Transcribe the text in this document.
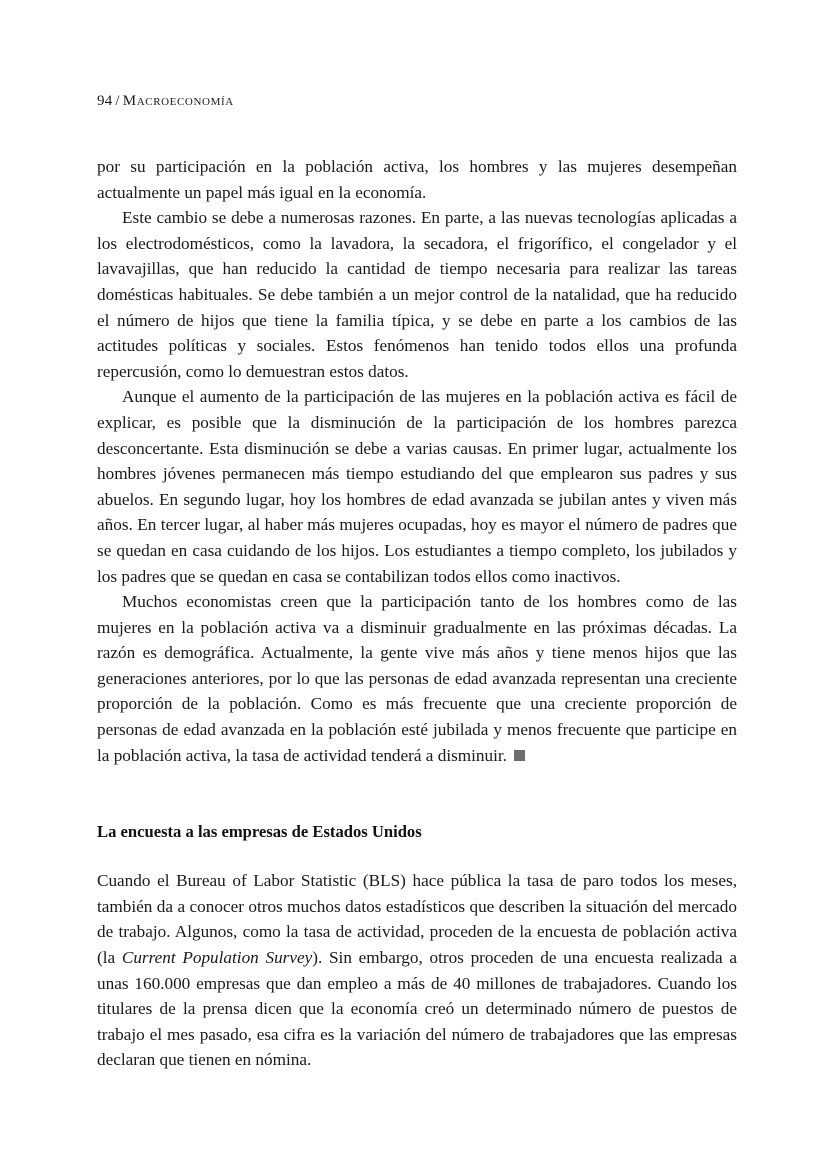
94 / Macroeconomía

por su participación en la población activa, los hombres y las mujeres desempeñan actualmente un papel más igual en la economía.

Este cambio se debe a numerosas razones. En parte, a las nuevas tecnologías aplicadas a los electrodomésticos, como la lavadora, la secadora, el frigorífico, el congelador y el lavavajillas, que han reducido la cantidad de tiempo necesaria para realizar las tareas domésticas habituales. Se debe también a un mejor control de la natalidad, que ha reducido el número de hijos que tiene la familia típica, y se debe en parte a los cambios de las actitudes políticas y sociales. Estos fenómenos han tenido todos ellos una profunda repercusión, como lo demuestran estos datos.

Aunque el aumento de la participación de las mujeres en la población activa es fácil de explicar, es posible que la disminución de la participación de los hombres parezca desconcertante. Esta disminución se debe a varias causas. En primer lugar, actualmente los hombres jóvenes permanecen más tiempo estudiando del que emplearon sus padres y sus abuelos. En segundo lugar, hoy los hombres de edad avanzada se jubilan antes y viven más años. En tercer lugar, al haber más mujeres ocupadas, hoy es mayor el número de padres que se quedan en casa cuidando de los hijos. Los estudiantes a tiempo completo, los jubilados y los padres que se quedan en casa se contabilizan todos ellos como inactivos.

Muchos economistas creen que la participación tanto de los hombres como de las mujeres en la población activa va a disminuir gradualmente en las próximas décadas. La razón es demográfica. Actualmente, la gente vive más años y tiene menos hijos que las generaciones anteriores, por lo que las personas de edad avanzada representan una creciente proporción de la población. Como es más frecuente que una creciente proporción de personas de edad avanzada en la población esté jubilada y menos frecuente que participe en la población activa, la tasa de actividad tenderá a disminuir.

La encuesta a las empresas de Estados Unidos

Cuando el Bureau of Labor Statistic (BLS) hace pública la tasa de paro todos los meses, también da a conocer otros muchos datos estadísticos que describen la situación del mercado de trabajo. Algunos, como la tasa de actividad, proceden de la encuesta de población activa (la Current Population Survey). Sin embargo, otros proceden de una encuesta realizada a unas 160.000 empresas que dan empleo a más de 40 millones de trabajadores. Cuando los titulares de la prensa dicen que la economía creó un determinado número de puestos de trabajo el mes pasado, esa cifra es la variación del número de trabajadores que las empresas declaran que tienen en nómina.
